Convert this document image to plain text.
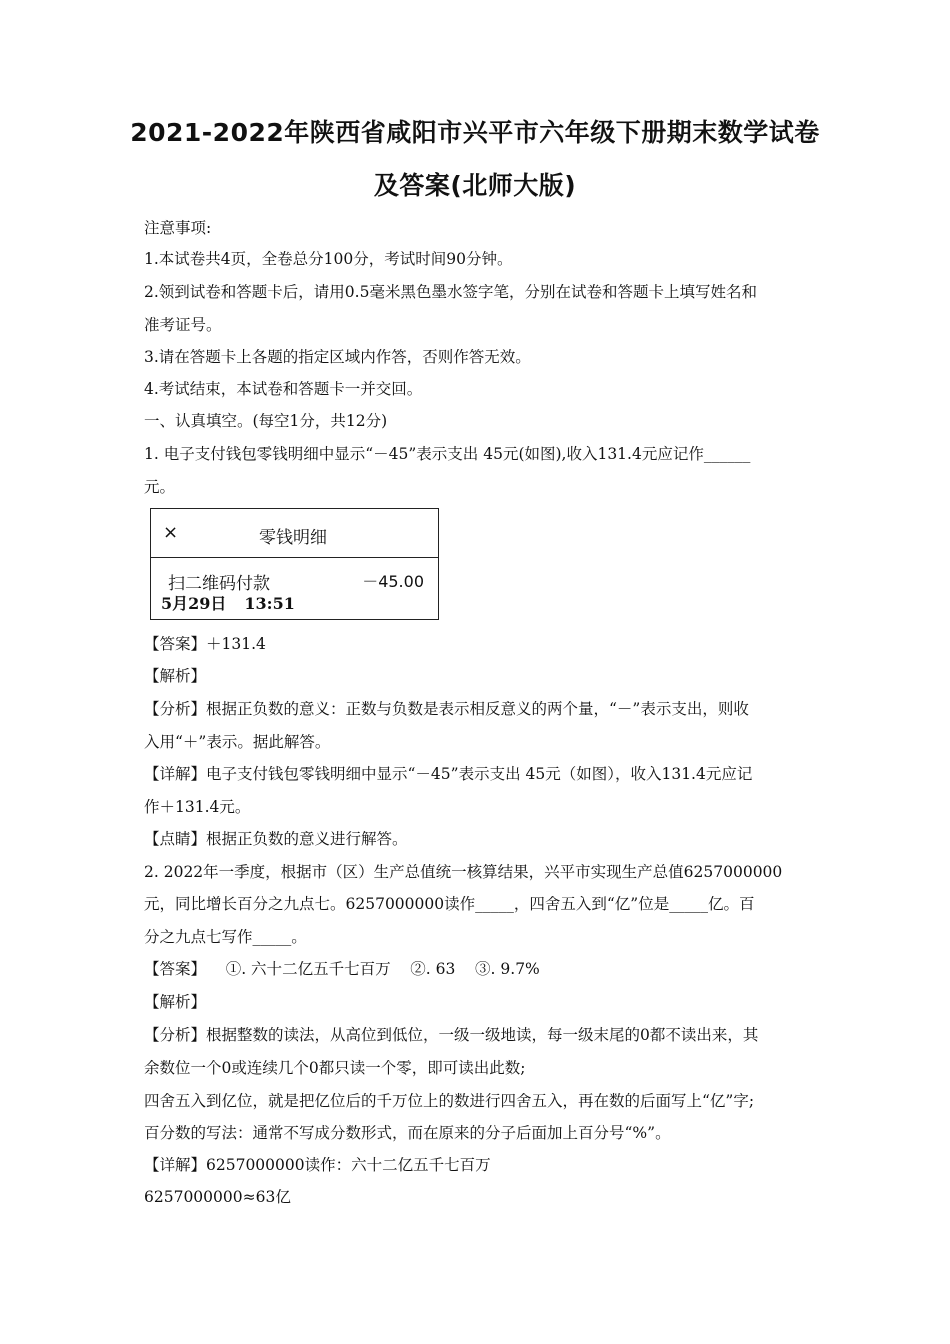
2021-2022年陕西省咸阳市兴平市六年级下册期末数学试卷
及答案(北师大版)
注意事项:
1.本试卷共4页，全卷总分100分，考试时间90分钟。
2.领到试卷和答题卡后，请用0.5毫米黑色墨水签字笔，分别在试卷和答题卡上填写姓名和
准考证号。
3.请在答题卡上各题的指定区域内作答，否则作答无效。
4.考试结束，本试卷和答题卡一并交回。
一、认真填空。(每空1分，共12分)
1. 电子支付钱包零钱明细中显示“－45”表示支出 45元(如图),收入131.4元应记作______
元。
×	零钱明细
扫二维码付款	－45.00
5月29日 13:51
【答案】＋131.4
【解析】
【分析】根据正负数的意义：正数与负数是表示相反意义的两个量，“－”表示支出，则收
入用“＋”表示。据此解答。
【详解】电子支付钱包零钱明细中显示“－45”表示支出 45元（如图），收入131.4元应记
作＋131.4元。
【点睛】根据正负数的意义进行解答。
2. 2022年一季度，根据市（区）生产总值统一核算结果，兴平市实现生产总值6257000000
元，同比增长百分之九点七。6257000000读作_____，四舍五入到“亿”位是_____亿。百
分之九点七写作_____。
【答案】    ①. 六十二亿五千七百万    ②. 63    ③. 9.7%
【解析】
【分析】根据整数的读法，从高位到低位，一级一级地读，每一级末尾的0都不读出来，其
余数位一个0或连续几个0都只读一个零，即可读出此数;
四舍五入到亿位，就是把亿位后的千万位上的数进行四舍五入，再在数的后面写上“亿”字;
百分数的写法：通常不写成分数形式，而在原来的分子后面加上百分号“%”。
【详解】6257000000读作：六十二亿五千七百万
6257000000≈63亿
